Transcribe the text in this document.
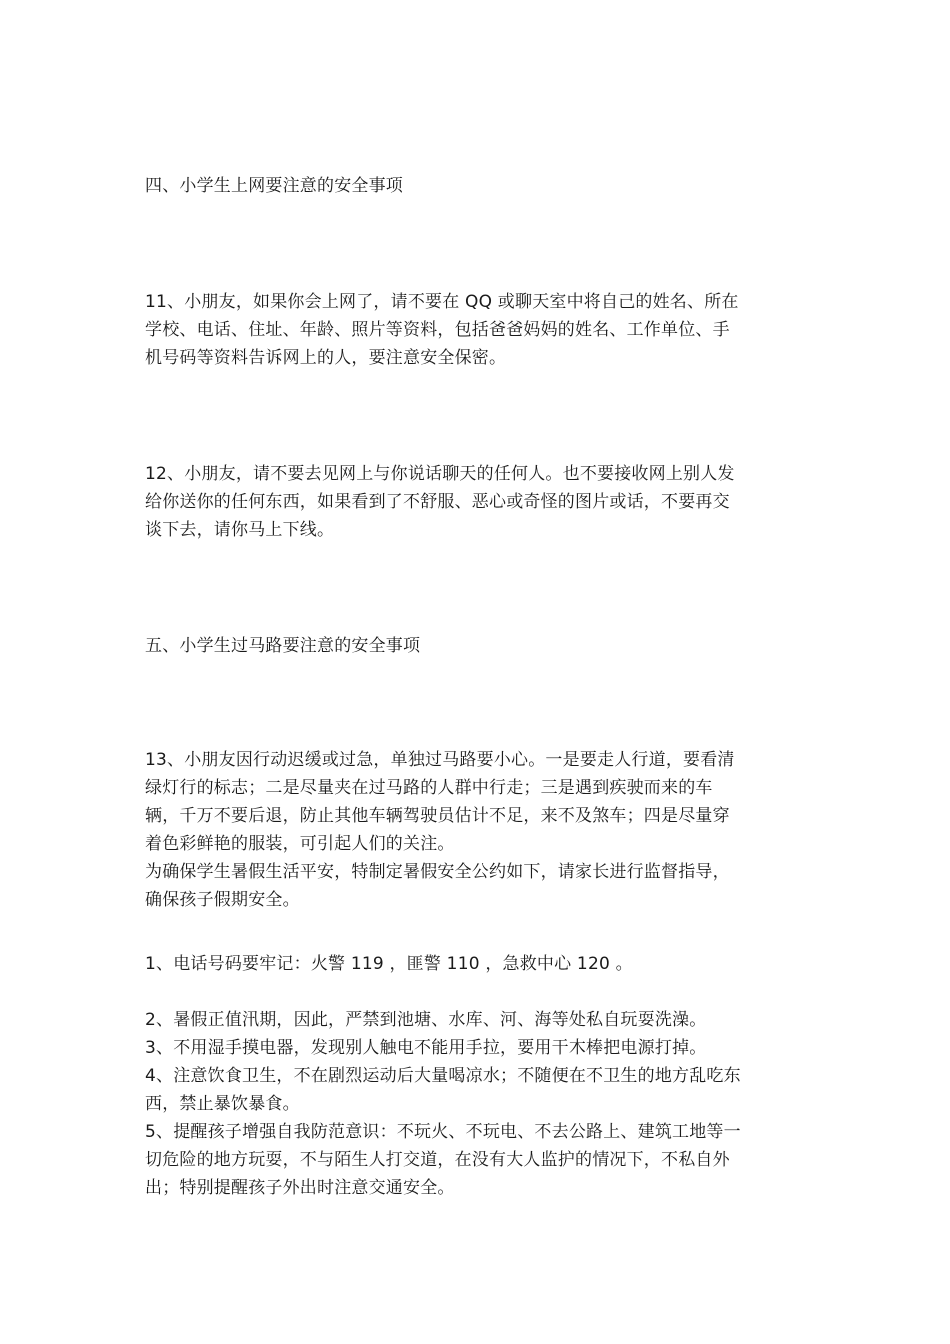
四、小学生上网要注意的安全事项

11、小朋友，如果你会上网了，请不要在 QQ 或聊天室中将自己的姓名、所在
学校、电话、住址、年龄、照片等资料，包括爸爸妈妈的姓名、工作单位、手
机号码等资料告诉网上的人，要注意安全保密。
12、小朋友，请不要去见网上与你说话聊天的任何人。也不要接收网上别人发
给你送你的任何东西，如果看到了不舒服、恶心或奇怪的图片或话，不要再交
谈下去，请你马上下线。

五、小学生过马路要注意的安全事项

13、小朋友因行动迟缓或过急，单独过马路要小心。一是要走人行道，要看清
绿灯行的标志；二是尽量夹在过马路的人群中行走；三是遇到疾驶而来的车
辆，千万不要后退，防止其他车辆驾驶员估计不足，来不及煞车；四是尽量穿
着色彩鲜艳的服装，可引起人们的关注。
为确保学生暑假生活平安，特制定暑假安全公约如下，请家长进行监督指导，
确保孩子假期安全。

1、电话号码要牢记：火警 119 ，匪警 110 ，急救中心 120 。

2、暑假正值汛期，因此，严禁到池塘、水库、河、海等处私自玩耍洗澡。
3、不用湿手摸电器，发现别人触电不能用手拉，要用干木棒把电源打掉。
4、注意饮食卫生，不在剧烈运动后大量喝凉水；不随便在不卫生的地方乱吃东
西，禁止暴饮暴食。
5、提醒孩子增强自我防范意识：不玩火、不玩电、不去公路上、建筑工地等一
切危险的地方玩耍，不与陌生人打交道，在没有大人监护的情况下，不私自外
出；特别提醒孩子外出时注意交通安全。
